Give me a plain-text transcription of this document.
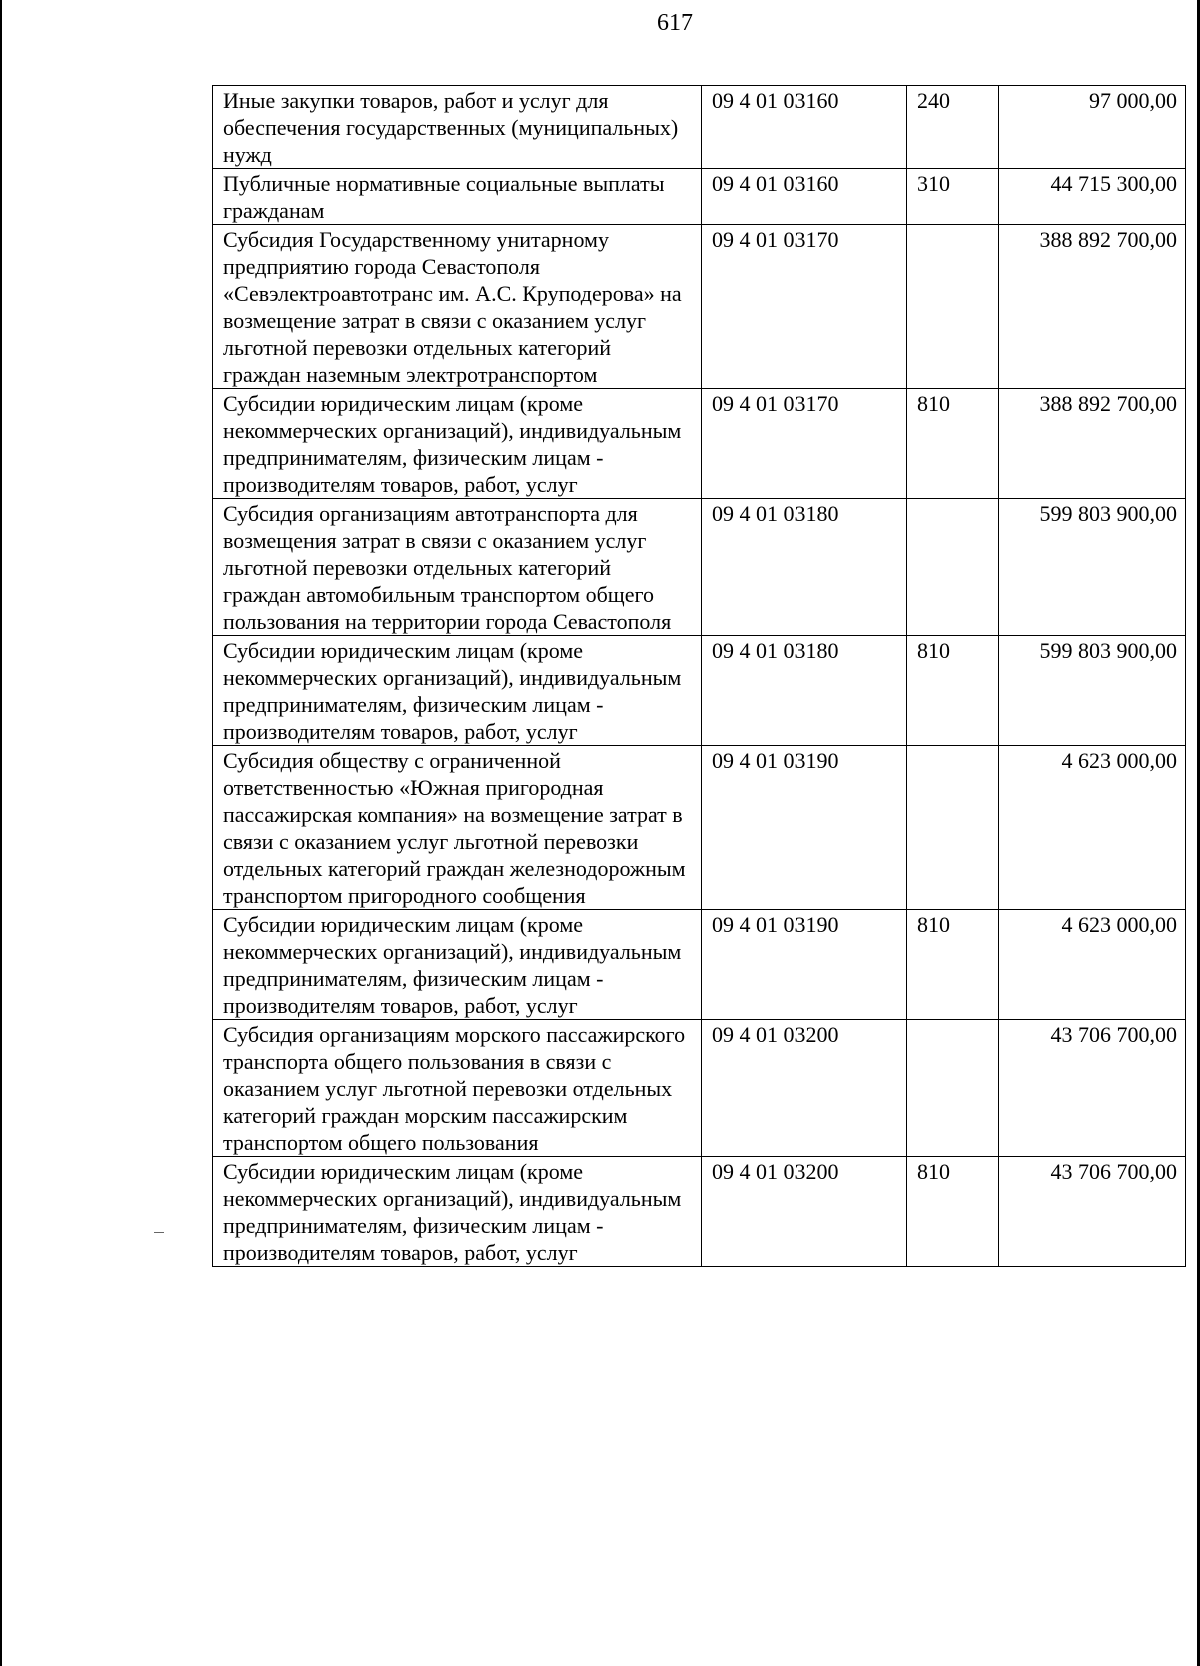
617
Иные закупки товаров, работ и услуг для обеспечения государственных (муниципальных) нужд	09 4 01 03160	240	97 000,00
Публичные нормативные социальные выплаты гражданам	09 4 01 03160	310	44 715 300,00
Субсидия Государственному унитарному предприятию города Севастополя «Севэлектроавтотранс им. А.С. Круподерова» на возмещение затрат в связи с оказанием услуг льготной перевозки отдельных категорий граждан наземным электротранспортом	09 4 01 03170		388 892 700,00
Субсидии юридическим лицам (кроме некоммерческих организаций), индивидуальным предпринимателям, физическим лицам - производителям товаров, работ, услуг	09 4 01 03170	810	388 892 700,00
Субсидия организациям автотранспорта для возмещения затрат в связи с оказанием услуг льготной перевозки отдельных категорий граждан автомобильным транспортом общего пользования на территории города Севастополя	09 4 01 03180		599 803 900,00
Субсидии юридическим лицам (кроме некоммерческих организаций), индивидуальным предпринимателям, физическим лицам - производителям товаров, работ, услуг	09 4 01 03180	810	599 803 900,00
Субсидия обществу с ограниченной ответственностью «Южная пригородная пассажирская компания» на возмещение затрат в связи с оказанием услуг льготной перевозки отдельных категорий граждан железнодорожным транспортом пригородного сообщения	09 4 01 03190		4 623 000,00
Субсидии юридическим лицам (кроме некоммерческих организаций), индивидуальным предпринимателям, физическим лицам - производителям товаров, работ, услуг	09 4 01 03190	810	4 623 000,00
Субсидия организациям морского пассажирского транспорта общего пользования в связи с оказанием услуг льготной перевозки отдельных категорий граждан морским пассажирским транспортом общего пользования	09 4 01 03200		43 706 700,00
Субсидии юридическим лицам (кроме некоммерческих организаций), индивидуальным предпринимателям, физическим лицам - производителям товаров, работ, услуг	09 4 01 03200	810	43 706 700,00
